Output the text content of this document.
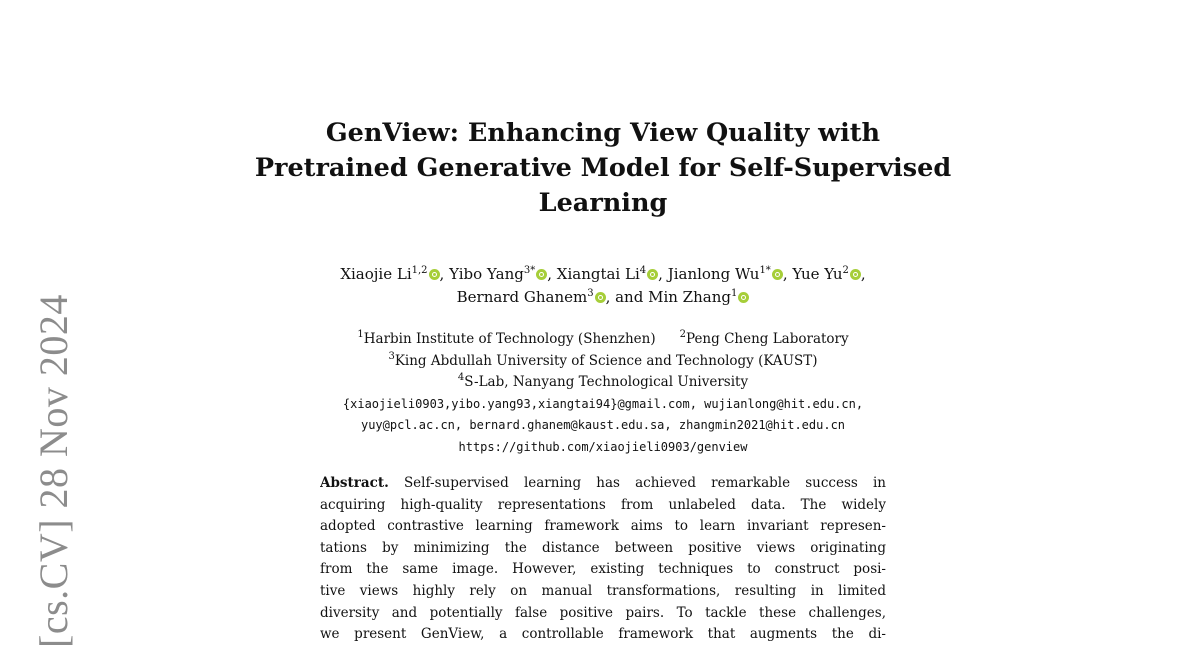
[cs.CV] 28 Nov 2024
GenView: Enhancing View Quality with
Pretrained Generative Model for Self-Supervised
Learning
Xiaojie Li$^{1,2}$ , Yibo Yang$^{3*}$ , Xiangtai Li$^4$ , Jianlong $Wu^{1*}$ , Yue Yu$^2$ ,
Bernard Ghanem$^3$ , and Min Zhang$^1$
$^1$Harbin Institute of Technology (Shenzhen) $^2$Peng Cheng Laboratory
$^3$King Abdullah University of Science and Technology (KAUST)
$^4$S-Lab, Nanyang Technological University
{xiaojieli0903,yibo.yang93,xiangtai94}@gmail.com, wujianlong@hit.edu.cn,
yuy@pcl.ac.cn, bernard.ghanem@kaust.edu.sa, zhangmin2021@hit.edu.cn
https://github.com/xiaojieli0903/genview
Abstract. Self-supervised learning has achieved remarkable success in
acquiring high-quality representations from unlabeled data. The widely
adopted contrastive learning framework aims to learn invariant represen-
tations by minimizing the distance between positive views originating
from the same image. However, existing techniques to construct posi-
tive views highly rely on manual transformations, resulting in limited
diversity and potentially false positive pairs. To tackle these challenges,
we present GenView, a controllable framework that augments the di-
